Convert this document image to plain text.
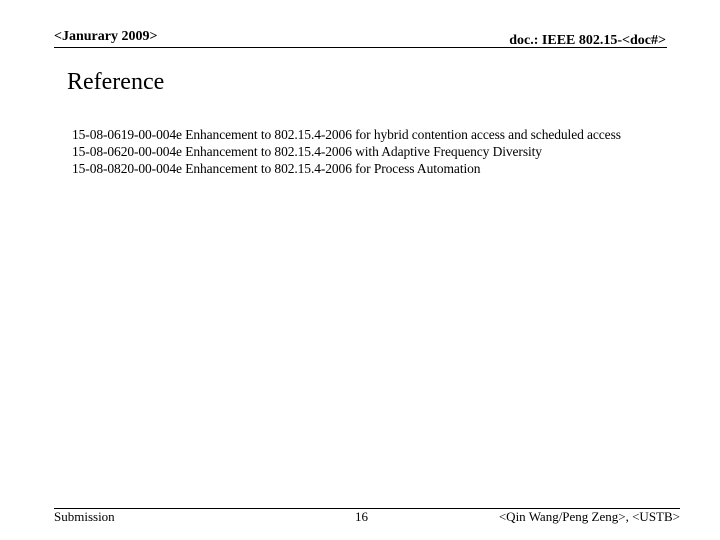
<Janurary 2009>	doc.: IEEE 802.15-<doc#>
Reference
15-08-0619-00-004e Enhancement to 802.15.4-2006 for hybrid contention access and scheduled access
15-08-0620-00-004e Enhancement to 802.15.4-2006 with Adaptive Frequency Diversity
15-08-0820-00-004e Enhancement to 802.15.4-2006 for Process Automation
Submission	16	<Qin Wang/Peng Zeng>, <USTB>
